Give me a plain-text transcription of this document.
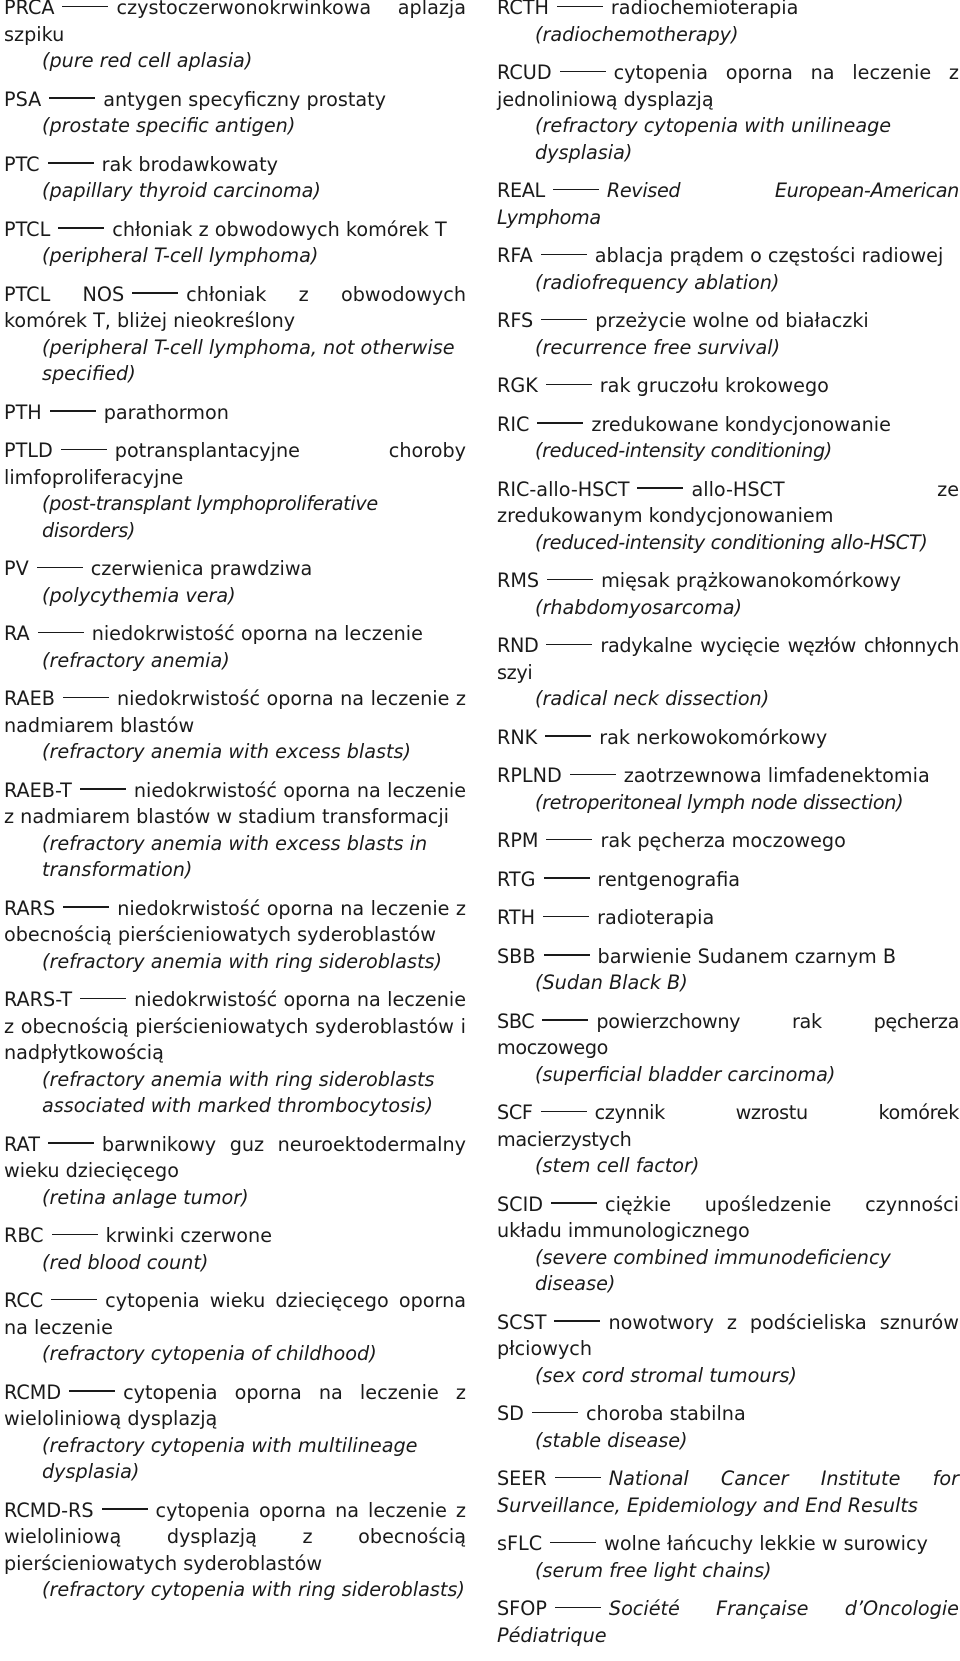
PRCA	czystoczerwonokrwinkowa aplazja szpiku
(pure red cell aplasia)
PSA	antygen specyficzny prostaty
(prostate specific antigen)
PTC	rak brodawkowaty
(papillary thyroid carcinoma)
PTCL	chłoniak z obwodowych komórek T
(peripheral T-cell lymphoma)
PTCL NOS	chłoniak z obwodowych komórek T, bliżej nieokreślony
(peripheral T-cell lymphoma, not otherwise specified)
PTH	parathormon
PTLD	potransplantacyjne choroby limfoproliferacyjne
(post-transplant lymphoproliferative disorders)
PV	czerwienica prawdziwa
(polycythemia vera)
RA	niedokrwistość oporna na leczenie
(refractory anemia)
RAEB	niedokrwistość oporna na leczenie z nadmiarem blastów
(refractory anemia with excess blasts)
RAEB-T	niedokrwistość oporna na leczenie z nadmiarem blastów w stadium transformacji
(refractory anemia with excess blasts in transformation)
RARS	niedokrwistość oporna na leczenie z obecnością pierścieniowatych syderoblastów
(refractory anemia with ring sideroblasts)
RARS-T	niedokrwistość oporna na leczenie z obecnością pierścieniowatych syderoblastów i nadpłytkowością
(refractory anemia with ring sideroblasts associated with marked thrombocytosis)
RAT	barwnikowy guz neuroektodermalny wieku dziecięcego
(retina anlage tumor)
RBC	krwinki czerwone
(red blood count)
RCC	cytopenia wieku dziecięcego oporna na leczenie
(refractory cytopenia of childhood)
RCMD	cytopenia oporna na leczenie z wieloliniową dysplazją
(refractory cytopenia with multilineage dysplasia)
RCMD-RS	cytopenia oporna na leczenie z wieloliniową dysplazją z obecnością pierścieniowatych syderoblastów
(refractory cytopenia with ring sideroblasts)
RCTH	radiochemioterapia
(radiochemotherapy)
RCUD	cytopenia oporna na leczenie z jednoliniową dysplazją
(refractory cytopenia with unilineage dysplasia)
REAL	Revised European-American Lymphoma
RFA	ablacja prądem o częstości radiowej
(radiofrequency ablation)
RFS	przeżycie wolne od białaczki
(recurrence free survival)
RGK	rak gruczołu krokowego
RIC	zredukowane kondycjonowanie
(reduced-intensity conditioning)
RIC-allo-HSCT	allo-HSCT ze zredukowanym kondycjonowaniem
(reduced-intensity conditioning allo-HSCT)
RMS	mięsak prążkowanokomórkowy
(rhabdomyosarcoma)
RND	radykalne wycięcie węzłów chłonnych szyi
(radical neck dissection)
RNK	rak nerkowokomórkowy
RPLND	zaotrzewnowa limfadenektomia
(retroperitoneal lymph node dissection)
RPM	rak pęcherza moczowego
RTG	rentgenografia
RTH	radioterapia
SBB	barwienie Sudanem czarnym B
(Sudan Black B)
SBC	powierzchowny rak pęcherza moczowego
(superficial bladder carcinoma)
SCF	czynnik wzrostu komórek macierzystych
(stem cell factor)
SCID	ciężkie upośledzenie czynności układu immunologicznego
(severe combined immunodeficiency disease)
SCST	nowotwory z podścieliska sznurów płciowych
(sex cord stromal tumours)
SD	choroba stabilna
(stable disease)
SEER	National Cancer Institute for Surveillance, Epidemiology and End Results
sFLC	wolne łańcuchy lekkie w surowicy
(serum free light chains)
SFOP	Société Française d’Oncologie Pédiatrique
